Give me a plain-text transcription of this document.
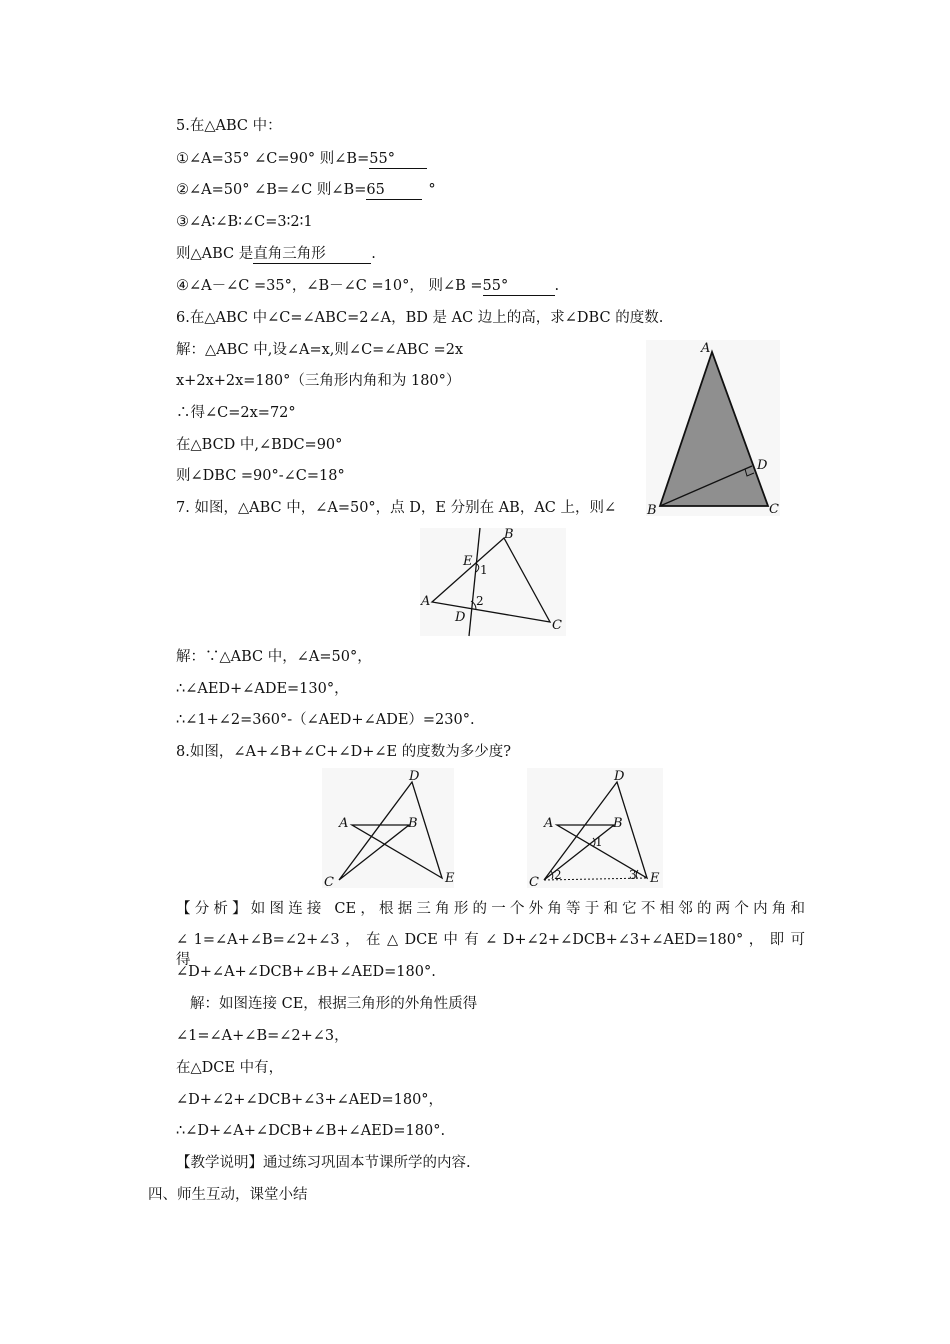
5.在△ABC 中：
①∠A=35° ∠C=90° 则∠B=55°
②∠A=50° ∠B=∠C 则∠B=65	°
③∠A∶∠B∶∠C=3∶2∶1
则△ABC 是直角三角形	.
④∠A－∠C =35°，∠B－∠C =10°， 则∠B =55°	.
6.在△ABC 中∠C=∠ABC=2∠A，BD 是 AC 边上的高，求∠DBC 的度数.
解：△ABC 中,设∠A=x,则∠C=∠ABC =2x
x+2x+2x=180°（三角形内角和为 180°）
∴得∠C=2x=72°
在△BCD 中,∠BDC=90°
则∠DBC =90°-∠C=18°
A
B	C
D
7. 如图，△ABC 中，∠A=50°，点 D，E 分别在 AB，AC 上，则∠
A
B
C
D
E
1
2
解：∵△ABC 中，∠A=50°，
∴∠AED+∠ADE=130°，
∴∠1+∠2=360°-（∠AED+∠ADE）=230°.
8.如图，∠A+∠B+∠C+∠D+∠E 的度数为多少度?
A	B
C
D
E
A	B
C
D
E
1
2	3
【分析】如图连接 CE，根据三角形的一个外角等于和它不相邻的两个内角和
∠ 1=∠A+∠B=∠2+∠3 ， 在 △ DCE 中 有 ∠ D+∠2+∠DCB+∠3+∠AED=180° ， 即 可 得
∠D+∠A+∠DCB+∠B+∠AED=180°.
解：如图连接 CE，根据三角形的外角性质得
∠1=∠A+∠B=∠2+∠3，
在△DCE 中有，
∠D+∠2+∠DCB+∠3+∠AED=180°，
∴∠D+∠A+∠DCB+∠B+∠AED=180°.
【教学说明】通过练习巩固本节课所学的内容.
四、师生互动，课堂小结
